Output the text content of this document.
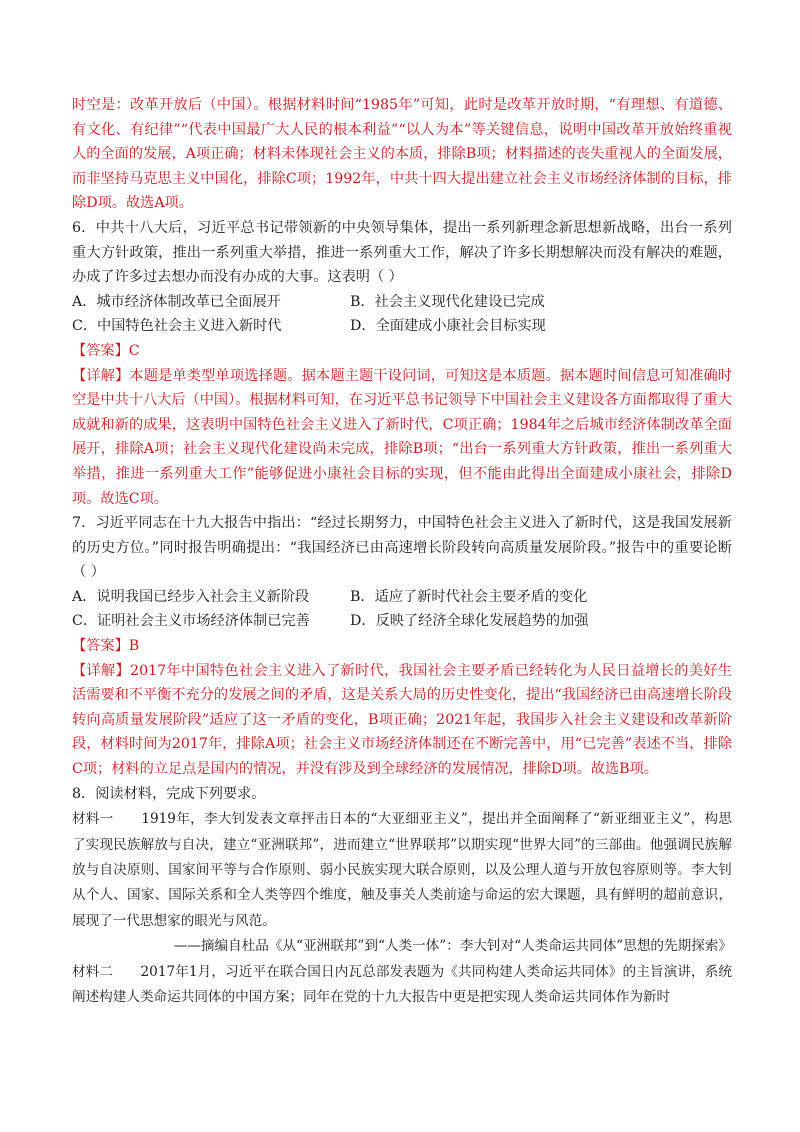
时空是：改革开放后（中国）。根据材料时间“1985年”可知，此时是改革开放时期，“有理想、有道德、有文化、有纪律”“代表中国最广大人民的根本利益”“以人为本”等关键信息，说明中国改革开放始终重视人的全面的发展，A项正确；材料未体现社会主义的本质，排除B项；材料描述的丧失重视人的全面发展，而非坚持马克思主义中国化，排除C项；1992年，中共十四大提出建立社会主义市场经济体制的目标，排除D项。故选A项。

6．中共十八大后，习近平总书记带领新的中央领导集体，提出一系列新理念新思想新战略，出台一系列重大方针政策，推出一系列重大举措，推进一系列重大工作，解决了许多长期想解决而没有解决的难题，办成了许多过去想办而没有办成的大事。这表明（ ）

A．城市经济体制改革已全面展开	B．社会主义现代化建设已完成
C．中国特色社会主义进入新时代	D．全面建成小康社会目标实现

【答案】C

【详解】本题是单类型单项选择题。据本题主题干设问词，可知这是本质题。据本题时间信息可知准确时空是中共十八大后（中国）。根据材料可知，在习近平总书记领导下中国社会主义建设各方面都取得了重大成就和新的成果，这表明中国特色社会主义进入了新时代，C项正确；1984年之后城市经济体制改革全面展开，排除A项；社会主义现代化建设尚未完成，排除B项；“出台一系列重大方针政策，推出一系列重大举措，推进一系列重大工作”能够促进小康社会目标的实现，但不能由此得出全面建成小康社会，排除D项。故选C项。

7．习近平同志在十九大报告中指出：“经过长期努力，中国特色社会主义进入了新时代，这是我国发展新的历史方位。”同时报告明确提出：“我国经济已由高速增长阶段转向高质量发展阶段。”报告中的重要论断（ ）

A．说明我国已经步入社会主义新阶段	B．适应了新时代社会主要矛盾的变化
C．证明社会主义市场经济体制已完善	D．反映了经济全球化发展趋势的加强

【答案】B

【详解】2017年中国特色社会主义进入了新时代，我国社会主要矛盾已经转化为人民日益增长的美好生活需要和不平衡不充分的发展之间的矛盾，这是关系大局的历史性变化，提出“我国经济已由高速增长阶段转向高质量发展阶段”适应了这一矛盾的变化，B项正确；2021年起，我国步入社会主义建设和改革新阶段，材料时间为2017年，排除A项；社会主义市场经济体制还在不断完善中，用“已完善”表述不当，排除C项；材料的立足点是国内的情况，并没有涉及到全球经济的发展情况，排除D项。故选B项。

8．阅读材料，完成下列要求。

材料一　　1919年，李大钊发表文章抨击日本的“大亚细亚主义”，提出并全面阐释了“新亚细亚主义”，构思了实现民族解放与自决，建立“亚洲联邦”，进而建立“世界联邦”以期实现“世界大同”的三部曲。他强调民族解放与自决原则、国家间平等与合作原则、弱小民族实现大联合原则，以及公理人道与开放包容原则等。李大钊从个人、国家、国际关系和全人类等四个维度，触及事关人类前途与命运的宏大课题，具有鲜明的超前意识，展现了一代思想家的眼光与风范。

——摘编自杜品《从“亚洲联邦”到“人类一体”：李大钊对“人类命运共同体”思想的先期探索》

材料二　　2017年1月，习近平在联合国日内瓦总部发表题为《共同构建人类命运共同体》的主旨演讲，系统阐述构建人类命运共同体的中国方案；同年在党的十九大报告中更是把实现人类命运共同体作为新时
